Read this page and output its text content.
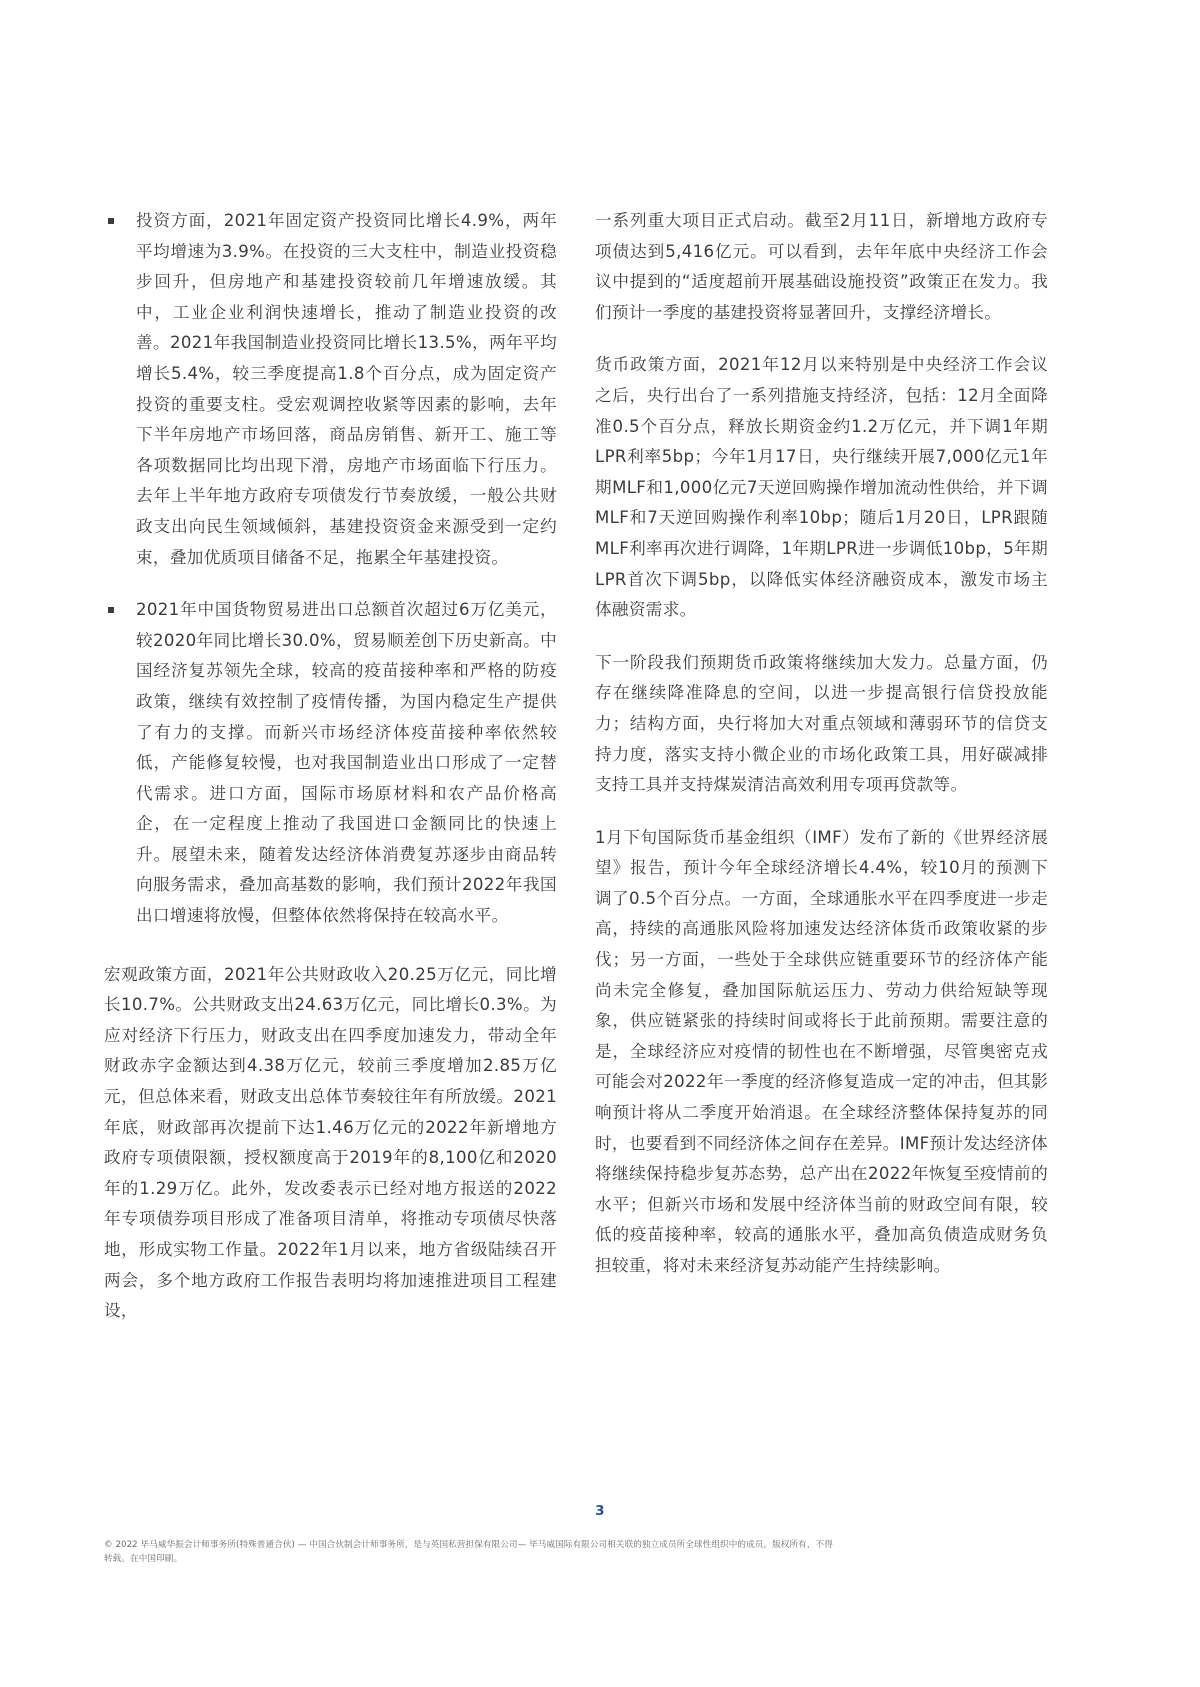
投资方面，2021年固定资产投资同比增长4.9%，两年平均增速为3.9%。在投资的三大支柱中，制造业投资稳步回升，但房地产和基建投资较前几年增速放缓。其中，工业企业利润快速增长，推动了制造业投资的改善。2021年我国制造业投资同比增长13.5%，两年平均增长5.4%，较三季度提高1.8个百分点，成为固定资产投资的重要支柱。受宏观调控收紧等因素的影响，去年下半年房地产市场回落，商品房销售、新开工、施工等各项数据同比均出现下滑，房地产市场面临下行压力。去年上半年地方政府专项债发行节奏放缓，一般公共财政支出向民生领域倾斜，基建投资资金来源受到一定约束，叠加优质项目储备不足，拖累全年基建投资。
2021年中国货物贸易进出口总额首次超过6万亿美元，较2020年同比增长30.0%，贸易顺差创下历史新高。中国经济复苏领先全球，较高的疫苗接种率和严格的防疫政策，继续有效控制了疫情传播，为国内稳定生产提供了有力的支撑。而新兴市场经济体疫苗接种率依然较低，产能修复较慢，也对我国制造业出口形成了一定替代需求。进口方面，国际市场原材料和农产品价格高企，在一定程度上推动了我国进口金额同比的快速上升。展望未来，随着发达经济体消费复苏逐步由商品转向服务需求，叠加高基数的影响，我们预计2022年我国出口增速将放慢，但整体依然将保持在较高水平。

宏观政策方面，2021年公共财政收入20.25万亿元，同比增长10.7%。公共财政支出24.63万亿元，同比增长0.3%。为应对经济下行压力，财政支出在四季度加速发力，带动全年财政赤字金额达到4.38万亿元，较前三季度增加2.85万亿元，但总体来看，财政支出总体节奏较往年有所放缓。2021年底，财政部再次提前下达1.46万亿元的2022年新增地方政府专项债限额，授权额度高于2019年的8,100亿和2020年的1.29万亿。此外，发改委表示已经对地方报送的2022年专项债券项目形成了准备项目清单，将推动专项债尽快落地，形成实物工作量。2022年1月以来，地方省级陆续召开两会，多个地方政府工作报告表明均将加速推进项目工程建设，

一系列重大项目正式启动。截至2月11日，新增地方政府专项债达到5,416亿元。可以看到，去年年底中央经济工作会议中提到的“适度超前开展基础设施投资”政策正在发力。我们预计一季度的基建投资将显著回升，支撑经济增长。

货币政策方面，2021年12月以来特别是中央经济工作会议之后，央行出台了一系列措施支持经济，包括：12月全面降准0.5个百分点，释放长期资金约1.2万亿元，并下调1年期LPR利率5bp；今年1月17日，央行继续开展7,000亿元1年期MLF和1,000亿元7天逆回购操作增加流动性供给，并下调MLF和7天逆回购操作利率10bp；随后1月20日，LPR跟随MLF利率再次进行调降，1年期LPR进一步调低10bp，5年期LPR首次下调5bp，以降低实体经济融资成本，激发市场主体融资需求。

下一阶段我们预期货币政策将继续加大发力。总量方面，仍存在继续降准降息的空间，以进一步提高银行信贷投放能力；结构方面，央行将加大对重点领域和薄弱环节的信贷支持力度，落实支持小微企业的市场化政策工具，用好碳减排支持工具并支持煤炭清洁高效利用专项再贷款等。

1月下旬国际货币基金组织（IMF）发布了新的《世界经济展望》报告，预计今年全球经济增长4.4%，较10月的预测下调了0.5个百分点。一方面，全球通胀水平在四季度进一步走高，持续的高通胀风险将加速发达经济体货币政策收紧的步伐；另一方面，一些处于全球供应链重要环节的经济体产能尚未完全修复，叠加国际航运压力、劳动力供给短缺等现象，供应链紧张的持续时间或将长于此前预期。需要注意的是，全球经济应对疫情的韧性也在不断增强，尽管奥密克戎可能会对2022年一季度的经济修复造成一定的冲击，但其影响预计将从二季度开始消退。在全球经济整体保持复苏的同时，也要看到不同经济体之间存在差异。IMF预计发达经济体将继续保持稳步复苏态势，总产出在2022年恢复至疫情前的水平；但新兴市场和发展中经济体当前的财政空间有限，较低的疫苗接种率，较高的通胀水平，叠加高负债造成财务负担较重，将对未来经济复苏动能产生持续影响。

3
© 2022 毕马威华振会计师事务所(特殊普通合伙) — 中国合伙制会计师事务所，是与英国私营担保有限公司— 毕马威国际有限公司相关联的独立成员所全球性组织中的成员。版权所有，不得
转载。在中国印刷。
